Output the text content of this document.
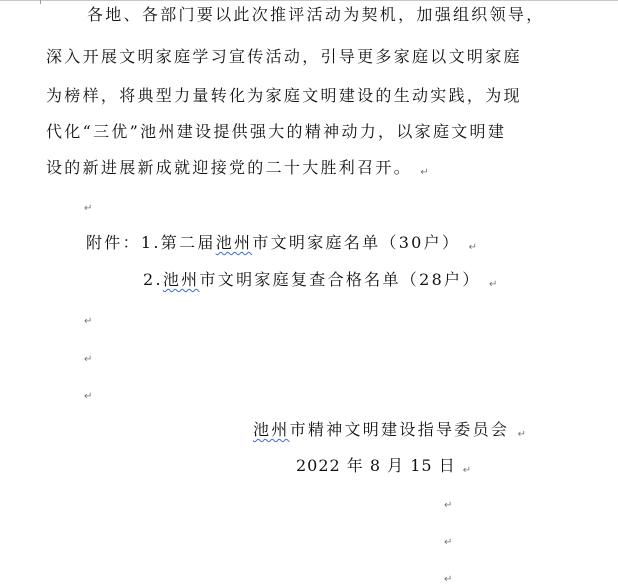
各地、各部门要以此次推评活动为契机，加强组织领导，
深入开展文明家庭学习宣传活动，引导更多家庭以文明家庭
为榜样，将典型力量转化为家庭文明建设的生动实践，为现
代化“三优”池州建设提供强大的精神动力，以家庭文明建
设的新进展新成就迎接党的二十大胜利召开。 ↵
↵
附件：1.第二届池州市文明家庭名单（30户） ↵
2.池州市文明家庭复查合格名单（28户） ↵
↵
↵
↵
池州市精神文明建设指导委员会 ↵
2022 年 8 月 15 日 ↵
↵
↵
↵
